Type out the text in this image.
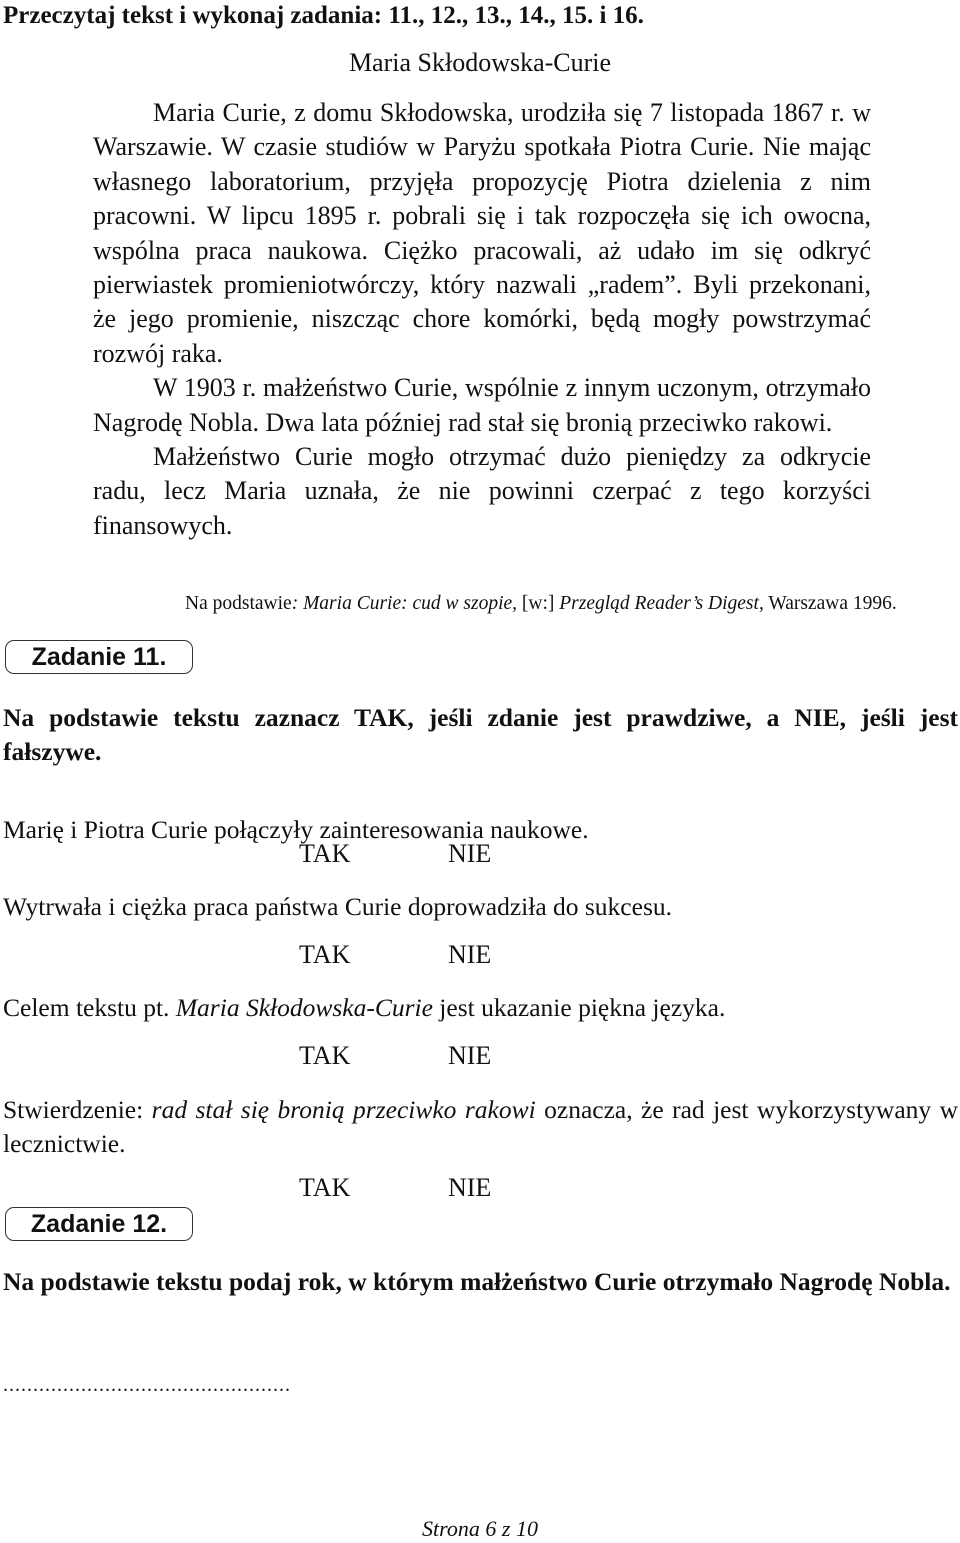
Przeczytaj tekst i wykonaj zadania: 11., 12., 13., 14., 15. i 16.
Maria Skłodowska-Curie

Maria Curie, z domu Skłodowska, urodziła się 7 listopada 1867 r. w Warszawie. W czasie studiów w Paryżu spotkała Piotra Curie. Nie mając własnego laboratorium, przyjęła propozycję Piotra dzielenia z nim pracowni. W lipcu 1895 r. pobrali się i tak rozpoczęła się ich owocna, wspólna praca naukowa. Ciężko pracowali, aż udało im się odkryć pierwiastek promieniotwórczy, który nazwali „radem”. Byli przekonani, że jego promienie, niszcząc chore komórki, będą mogły powstrzymać rozwój raka.

W 1903 r. małżeństwo Curie, wspólnie z innym uczonym, otrzymało Nagrodę Nobla. Dwa lata później rad stał się bronią przeciwko rakowi.

Małżeństwo Curie mogło otrzymać dużo pieniędzy za odkrycie radu, lecz Maria uznała, że nie powinni czerpać z tego korzyści finansowych.

Na podstawie: Maria Curie: cud w szopie, [w:] Przegląd Reader’s Digest, Warszawa 1996.
Zadanie 11.
Na podstawie tekstu zaznacz TAK, jeśli zdanie jest prawdziwe, a NIE, jeśli jest fałszywe.
Marię i Piotra Curie połączyły zainteresowania naukowe.
TAK	NIE
Wytrwała i ciężka praca państwa Curie doprowadziła do sukcesu.
TAK	NIE
Celem tekstu pt. Maria Skłodowska-Curie jest ukazanie piękna języka.
TAK	NIE
Stwierdzenie: rad stał się bronią przeciwko rakowi oznacza, że rad jest wykorzystywany w lecznictwie.
TAK	NIE
Zadanie 12.
Na podstawie tekstu podaj rok, w którym małżeństwo Curie otrzymało Nagrodę Nobla.
................................................
Strona 6 z 10
